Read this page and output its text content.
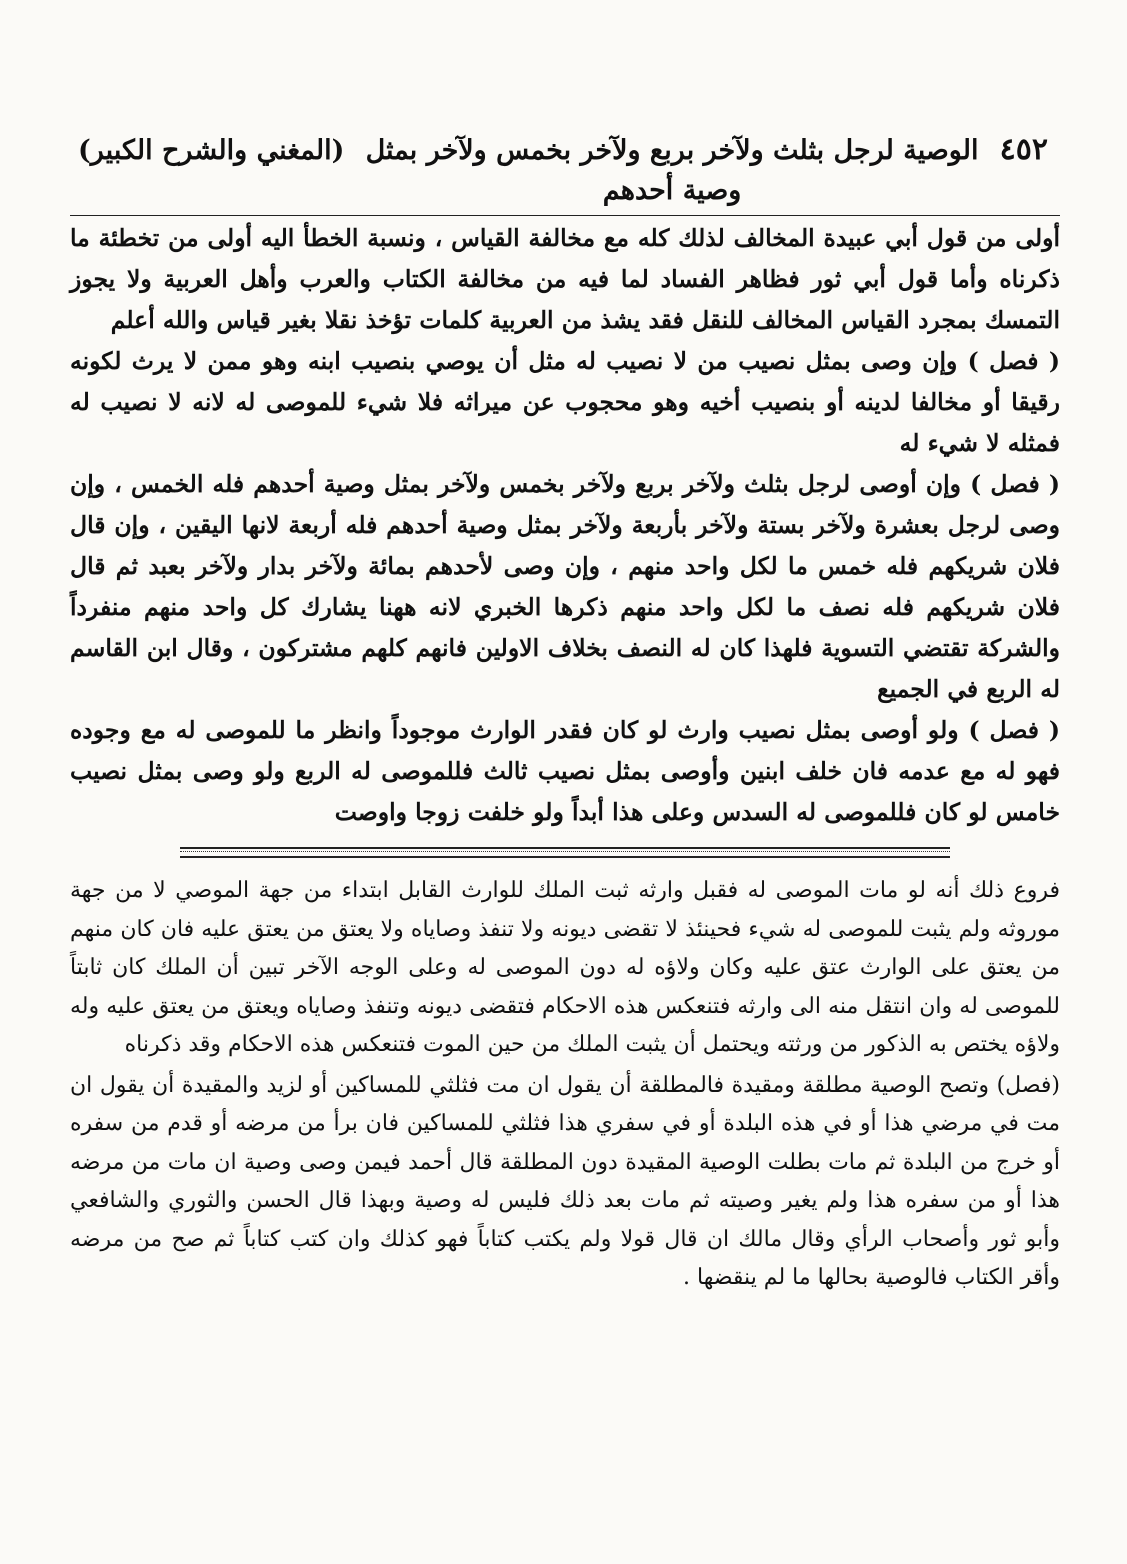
٤٥٢
الوصية لرجل بثلث ولآخر بربع ولآخر بخمس ولآخر بمثل وصية أحدهم
(المغني والشرح الكبير)

أولى من قول أبي عبيدة المخالف لذلك كله مع مخالفة القياس ، ونسبة الخطأ اليه أولى من تخطئة ما ذكرناه وأما قول أبي ثور فظاهر الفساد لما فيه من مخالفة الكتاب والعرب وأهل العربية ولا يجوز التمسك بمجرد القياس المخالف للنقل فقد يشذ من العربية كلمات تؤخذ نقلا بغير قياس والله أعلم

( فصل ) وإن وصى بمثل نصيب من لا نصيب له مثل أن يوصي بنصيب ابنه وهو ممن لا يرث لكونه رقيقا أو مخالفا لدينه أو بنصيب أخيه وهو محجوب عن ميراثه فلا شيء للموصى له لانه لا نصيب له فمثله لا شيء له

( فصل ) وإن أوصى لرجل بثلث ولآخر بربع ولآخر بخمس ولآخر بمثل وصية أحدهم فله الخمس ، وإن وصى لرجل بعشرة ولآخر بستة ولآخر بأربعة ولآخر بمثل وصية أحدهم فله أربعة لانها اليقين ، وإن قال فلان شريكهم فله خمس ما لكل واحد منهم ، وإن وصى لأحدهم بمائة ولآخر بدار ولآخر بعبد ثم قال فلان شريكهم فله نصف ما لكل واحد منهم ذكرها الخبري لانه ههنا يشارك كل واحد منهم منفرداً والشركة تقتضي التسوية فلهذا كان له النصف بخلاف الاولين فانهم كلهم مشتركون ، وقال ابن القاسم له الربع في الجميع

( فصل ) ولو أوصى بمثل نصيب وارث لو كان فقدر الوارث موجوداً وانظر ما للموصى له مع وجوده فهو له مع عدمه فان خلف ابنين وأوصى بمثل نصيب ثالث فللموصى له الربع ولو وصى بمثل نصيب خامس لو كان فللموصى له السدس وعلى هذا أبداً ولو خلفت زوجا واوصت

فروع ذلك أنه لو مات الموصى له فقبل وارثه ثبت الملك للوارث القابل ابتداء من جهة الموصي لا من جهة موروثه ولم يثبت للموصى له شيء فحينئذ لا تقضى ديونه ولا تنفذ وصاياه ولا يعتق من يعتق عليه فان كان منهم من يعتق على الوارث عتق عليه وكان ولاؤه له دون الموصى له وعلى الوجه الآخر تبين أن الملك كان ثابتاً للموصى له وان انتقل منه الى وارثه فتنعكس هذه الاحكام فتقضى ديونه وتنفذ وصاياه ويعتق من يعتق عليه وله ولاؤه يختص به الذكور من ورثته ويحتمل أن يثبت الملك من حين الموت فتنعكس هذه الاحكام وقد ذكرناه

(فصل) وتصح الوصية مطلقة ومقيدة فالمطلقة أن يقول ان مت فثلثي للمساكين أو لزيد والمقيدة أن يقول ان مت في مرضي هذا أو في هذه البلدة أو في سفري هذا فثلثي للمساكين فان برأ من مرضه أو قدم من سفره أو خرج من البلدة ثم مات بطلت الوصية المقيدة دون المطلقة قال أحمد فيمن وصى وصية ان مات من مرضه هذا أو من سفره هذا ولم يغير وصيته ثم مات بعد ذلك فليس له وصية وبهذا قال الحسن والثوري والشافعي وأبو ثور وأصحاب الرأي وقال مالك ان قال قولا ولم يكتب كتاباً فهو كذلك وان كتب كتاباً ثم صح من مرضه وأقر الكتاب فالوصية بحالها ما لم ينقضها .
